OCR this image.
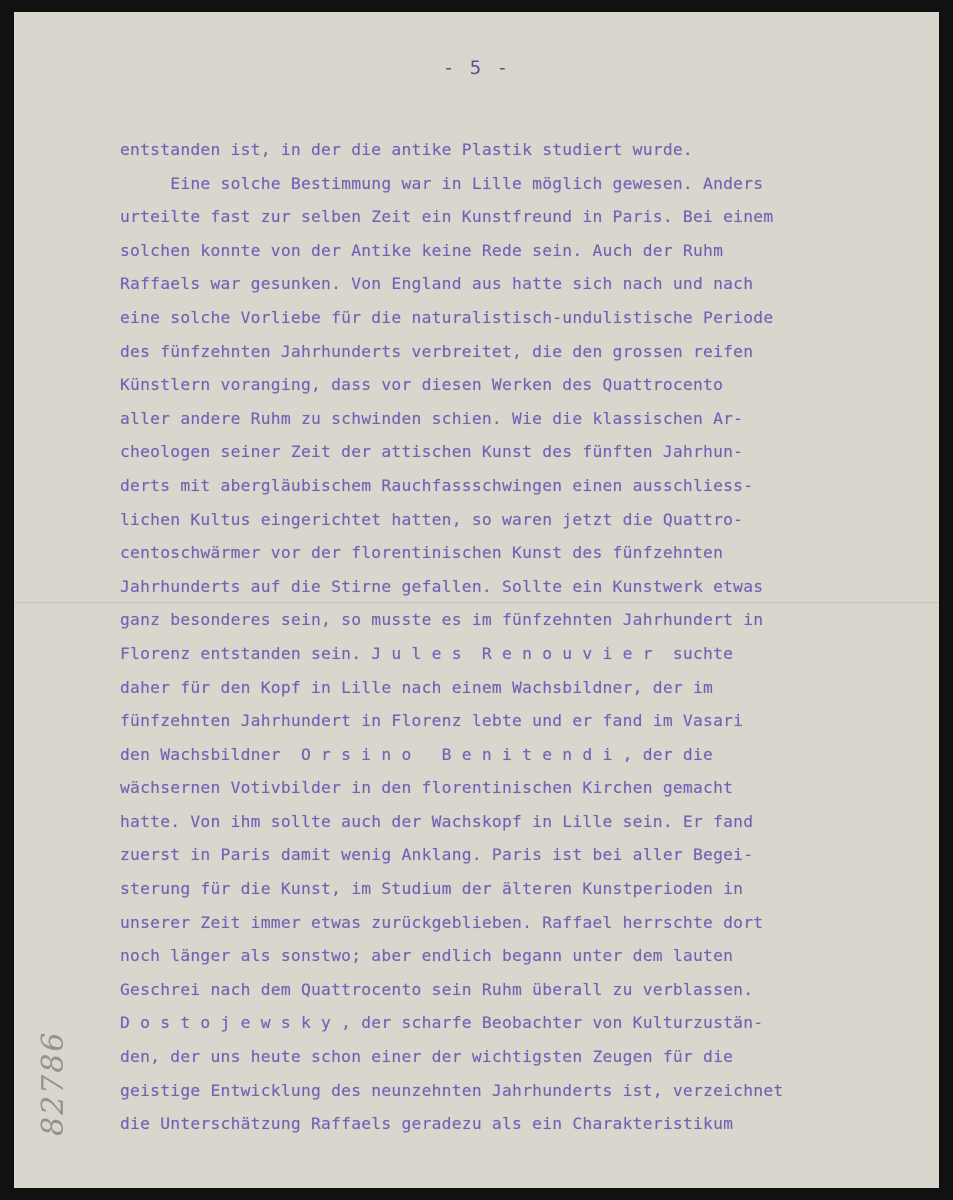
- 5 -
entstanden ist, in der die antike Plastik studiert wurde.
Eine solche Bestimmung war in Lille möglich gewesen. Anders
urteilte fast zur selben Zeit ein Kunstfreund in Paris. Bei einem
solchen konnte von der Antike keine Rede sein. Auch der Ruhm
Raffaels war gesunken. Von England aus hatte sich nach und nach
eine solche Vorliebe für die naturalistisch-undulistische Periode
des fünfzehnten Jahrhunderts verbreitet, die den grossen reifen
Künstlern voranging, dass vor diesen Werken des Quattrocento
aller andere Ruhm zu schwinden schien. Wie die klassischen Ar-
cheologen seiner Zeit der attischen Kunst des fünften Jahrhun-
derts mit abergläubischem Rauchfassschwingen einen ausschliess-
lichen Kultus eingerichtet hatten, so waren jetzt die Quattro-
centoschwärmer vor der florentinischen Kunst des fünfzehnten
Jahrhunderts auf die Stirne gefallen. Sollte ein Kunstwerk etwas
ganz besonderes sein, so musste es im fünfzehnten Jahrhundert in
Florenz entstanden sein. J u l e s  R e n o u v i e r  suchte
daher für den Kopf in Lille nach einem Wachsbildner, der im
fünfzehnten Jahrhundert in Florenz lebte und er fand im Vasari
den Wachsbildner  O r s i n o   B e n i t e n d i , der die
wächsernen Votivbilder in den florentinischen Kirchen gemacht
hatte. Von ihm sollte auch der Wachskopf in Lille sein. Er fand
zuerst in Paris damit wenig Anklang. Paris ist bei aller Begei-
sterung für die Kunst, im Studium der älteren Kunstperioden in
unserer Zeit immer etwas zurückgeblieben. Raffael herrschte dort
noch länger als sonstwo; aber endlich begann unter dem lauten
Geschrei nach dem Quattrocento sein Ruhm überall zu verblassen.
D o s t o j e w s k y , der scharfe Beobachter von Kulturzustän-
den, der uns heute schon einer der wichtigsten Zeugen für die
geistige Entwicklung des neunzehnten Jahrhunderts ist, verzeichnet
die Unterschätzung Raffaels geradezu als ein Charakteristikum
82786
